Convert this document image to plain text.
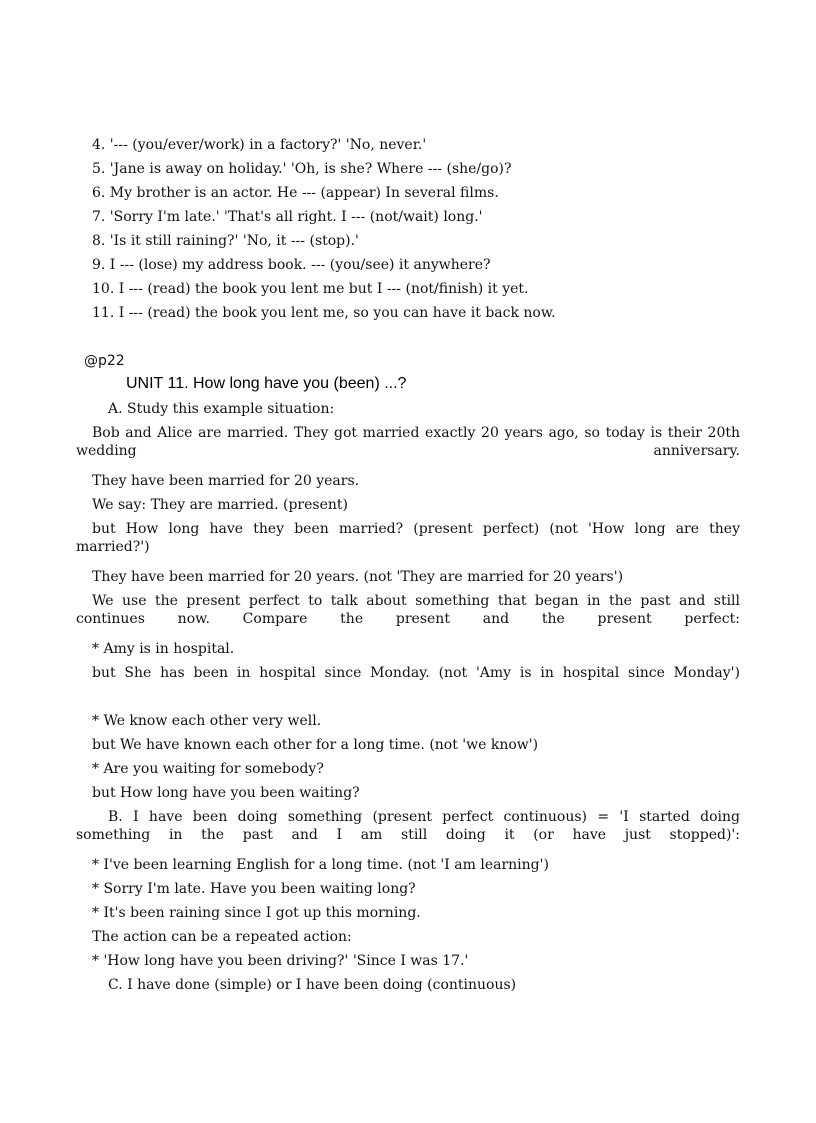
4. '--- (you/ever/work) in a factory?' 'No, never.'
5. 'Jane is away on holiday.' 'Oh, is she? Where --- (she/go)?
6. My brother is an actor. He --- (appear) In several films.
7. 'Sorry I'm late.' 'That's all right. I --- (not/wait) long.'
8. 'Is it still raining?' 'No, it --- (stop).'
9. I --- (lose) my address book. --- (you/see) it anywhere?
10. I --- (read) the book you lent me but I --- (not/finish) it yet.
11. I --- (read) the book you lent me, so you can have it back now.
@p22
UNIT 11. How long have you (been) ...?
A. Study this example situation:
Bob and Alice are married. They got married exactly 20 years ago, so today is their 20th wedding anniversary.
They have been married for 20 years.
We say: They are married. (present)
but How long have they been married? (present perfect) (not 'How long are they married?')
They have been married for 20 years. (not 'They are married for 20 years')
We use the present perfect to talk about something that began in the past and still continues now. Compare the present and the present perfect:
* Amy is in hospital.
but She has been in hospital since Monday. (not 'Amy is in hospital since Monday')
* We know each other very well.
but We have known each other for a long time. (not 'we know')
* Are you waiting for somebody?
but How long have you been waiting?
B. I have been doing something (present perfect continuous) = 'I started doing something in the past and I am still doing it (or have just stopped)':
* I've been learning English for a long time. (not 'I am learning')
* Sorry I'm late. Have you been waiting long?
* It's been raining since I got up this morning.
The action can be a repeated action:
* 'How long have you been driving?' 'Since I was 17.'
C. I have done (simple) or I have been doing (continuous)
